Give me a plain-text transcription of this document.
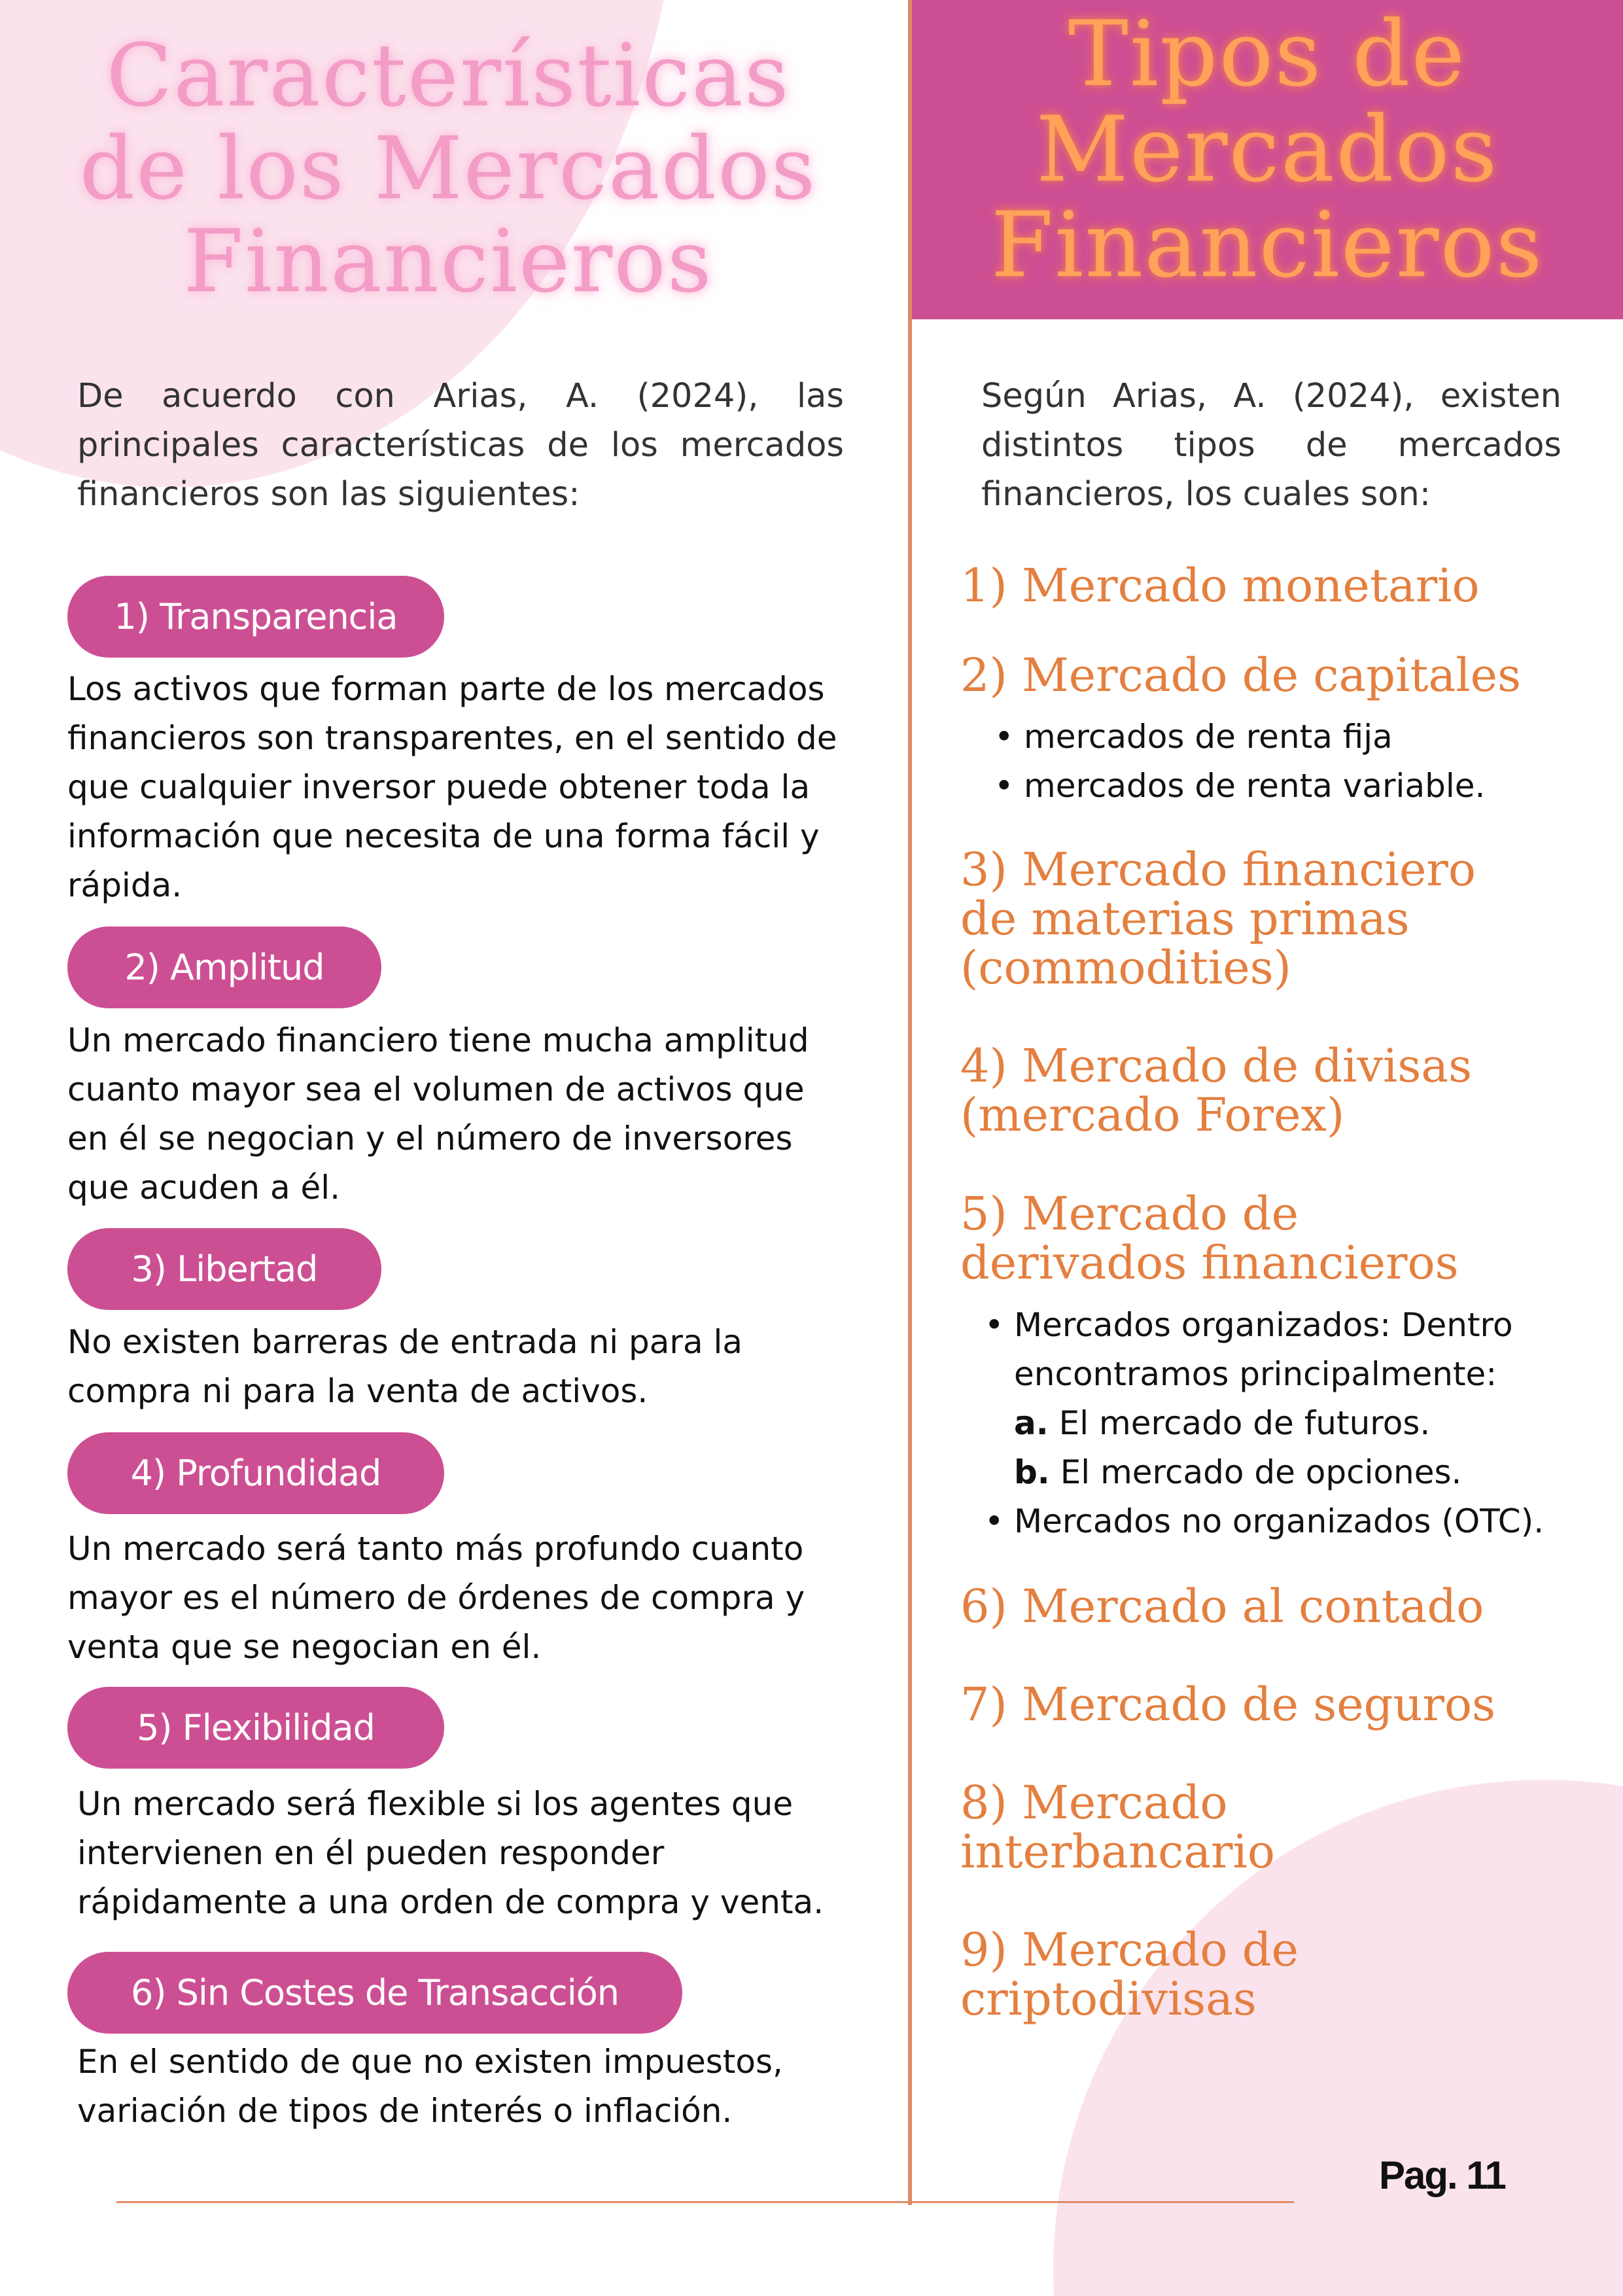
Características
de los Mercados
Financieros

De acuerdo con Arias, A. (2024), las principales características de los mercados financieros son las siguientes:

1) Transparencia

Los activos que forman parte de los mercados financieros son transparentes, en el sentido de que cualquier inversor puede obtener toda la información que necesita de una forma fácil y rápida.

2) Amplitud

Un mercado financiero tiene mucha amplitud cuanto mayor sea el volumen de activos que en él se negocian y el número de inversores que acuden a él.

3) Libertad

No existen barreras de entrada ni para la compra ni para la venta de activos.

4) Profundidad

Un mercado será tanto más profundo cuanto mayor es el número de órdenes de compra y venta que se negocian en él.

5) Flexibilidad

Un mercado será flexible si los agentes que intervienen en él pueden responder rápidamente a una orden de compra y venta.

6) Sin Costes de Transacción

En el sentido de que no existen impuestos, variación de tipos de interés o inflación.

Tipos de
Mercados
Financieros

Según Arias, A. (2024), existen distintos tipos de mercados financieros, los cuales son:

1) Mercado monetario
2) Mercado de capitales
• mercados de renta fija
• mercados de renta variable.
3) Mercado financiero
de materias primas
(commodities)
4) Mercado de divisas
(mercado Forex)
5) Mercado de
derivados financieros
• Mercados organizados: Dentro encontramos principalmente:
a. El mercado de futuros.
b. El mercado de opciones.
• Mercados no organizados (OTC).
6) Mercado al contado
7) Mercado de seguros
8) Mercado
interbancario
9) Mercado de
criptodivisas
Pag. 11
